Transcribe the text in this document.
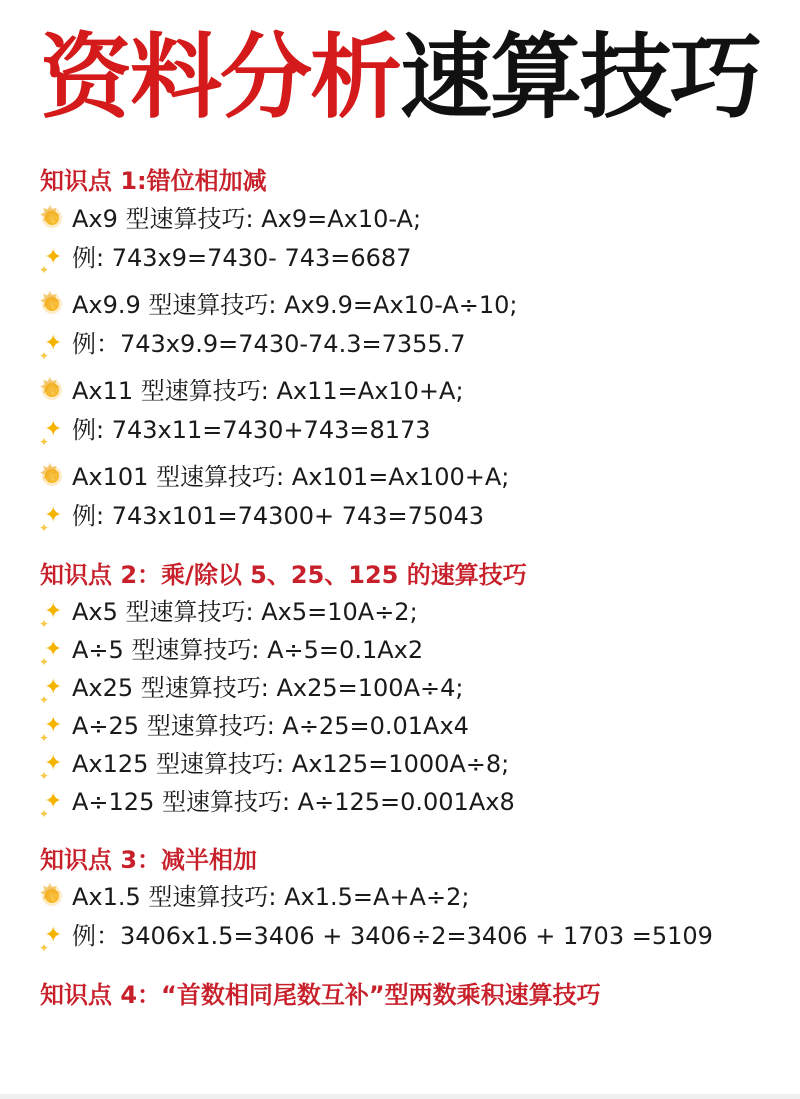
资料分析速算技巧
知识点 1:错位相加减
✸Ax9 型速算技巧: Ax9=Ax10-A;
✦ ✦例: 743x9=7430- 743=6687
✸Ax9.9 型速算技巧: Ax9.9=Ax10-A÷10;
✦ ✦例：743x9.9=7430-74.3=7355.7
✸Ax11 型速算技巧: Ax11=Ax10+A;
✦ ✦例: 743x11=7430+743=8173
✸Ax101 型速算技巧: Ax101=Ax100+A;
✦ ✦例: 743x101=74300+ 743=75043
知识点 2：乘/除以 5、25、125 的速算技巧
✦ ✦Ax5 型速算技巧: Ax5=10A÷2;
✦ ✦A÷5 型速算技巧: A÷5=0.1Ax2
✦ ✦Ax25 型速算技巧: Ax25=100A÷4;
✦ ✦A÷25 型速算技巧: A÷25=0.01Ax4
✦ ✦Ax125 型速算技巧: Ax125=1000A÷8;
✦ ✦A÷125 型速算技巧: A÷125=0.001Ax8
知识点 3：减半相加
✸Ax1.5 型速算技巧: Ax1.5=A+A÷2;
✦ ✦例：3406x1.5=3406 + 3406÷2=3406 + 1703 =5109
知识点 4：“首数相同尾数互补”型两数乘积速算技巧
